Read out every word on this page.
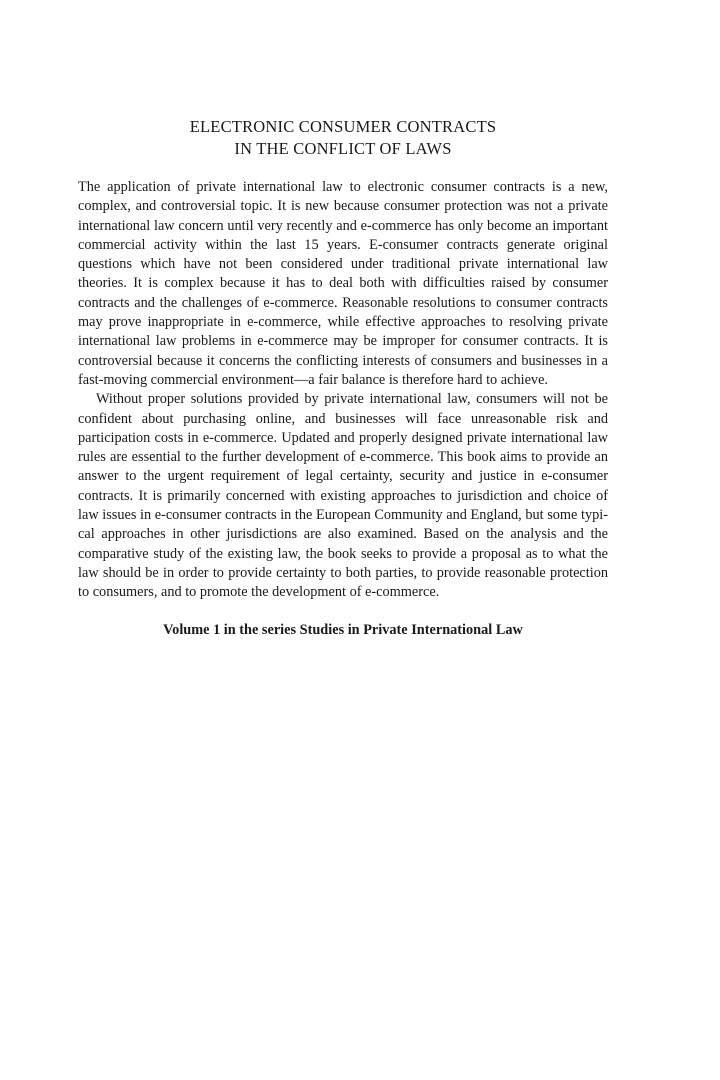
ELECTRONIC CONSUMER CONTRACTS
IN THE CONFLICT OF LAWS

The application of private international law to electronic consumer contracts is a new, complex, and controversial topic. It is new because consumer protection was not a private international law concern until very recently and e-commerce has only become an important commercial activity within the last 15 years. E-consumer contracts generate original questions which have not been considered under traditional private international law theories. It is complex because it has to deal both with difficulties raised by consumer contracts and the challenges of e-commerce. Reasonable resolutions to consumer contracts may prove inappropriate in e-commerce, while effective approaches to resolving private international law problems in e-commerce may be improper for consumer contracts. It is controversial because it concerns the conflicting interests of consumers and businesses in a fast-moving commercial environment—a fair balance is therefore hard to achieve.

Without proper solutions provided by private international law, consumers will not be confident about purchasing online, and businesses will face unreasonable risk and participation costs in e-commerce. Updated and properly designed private international law rules are essential to the further development of e-commerce. This book aims to provide an answer to the urgent requirement of legal certainty, security and justice in e-consumer contracts. It is primarily concerned with existing approaches to jurisdiction and choice of law issues in e-consumer contracts in the European Community and England, but some typical approaches in other jurisdictions are also examined. Based on the analysis and the comparative study of the existing law, the book seeks to provide a proposal as to what the law should be in order to provide certainty to both parties, to provide reasonable protection to consumers, and to promote the development of e-commerce.

Volume 1 in the series Studies in Private International Law
